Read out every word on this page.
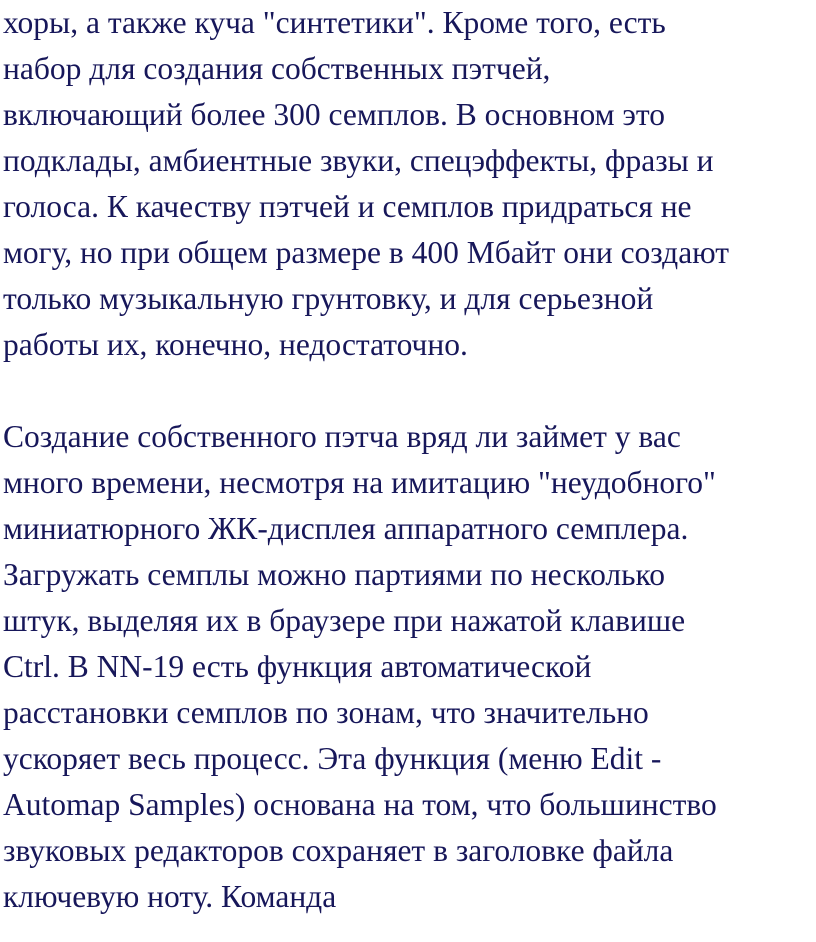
хоры, а также куча "синтетики". Кроме того, есть
набор для создания собственных пэтчей,
включающий более 300 семплов. В основном это
подклады, амбиентные звуки, спецэффекты, фразы и
голоса. К качеству пэтчей и семплов придраться не
могу, но при общем размере в 400 Мбайт они создают
только музыкальную грунтовку, и для серьезной
работы их, конечно, недостаточно.
Создание собственного пэтча вряд ли займет у вас
много времени, несмотря на имитацию "неудобного"
миниатюрного ЖК-дисплея аппаратного семплера.
Загружать семплы можно партиями по несколько
штук, выделяя их в браузере при нажатой клавише
Ctrl. В NN-19 есть функция автоматической
расстановки семплов по зонам, что значительно
ускоряет весь процесс. Эта функция (меню Edit -
Automap Samples) основана на том, что большинство
звуковых редакторов сохраняет в заголовке файла
ключевую ноту. Команда
